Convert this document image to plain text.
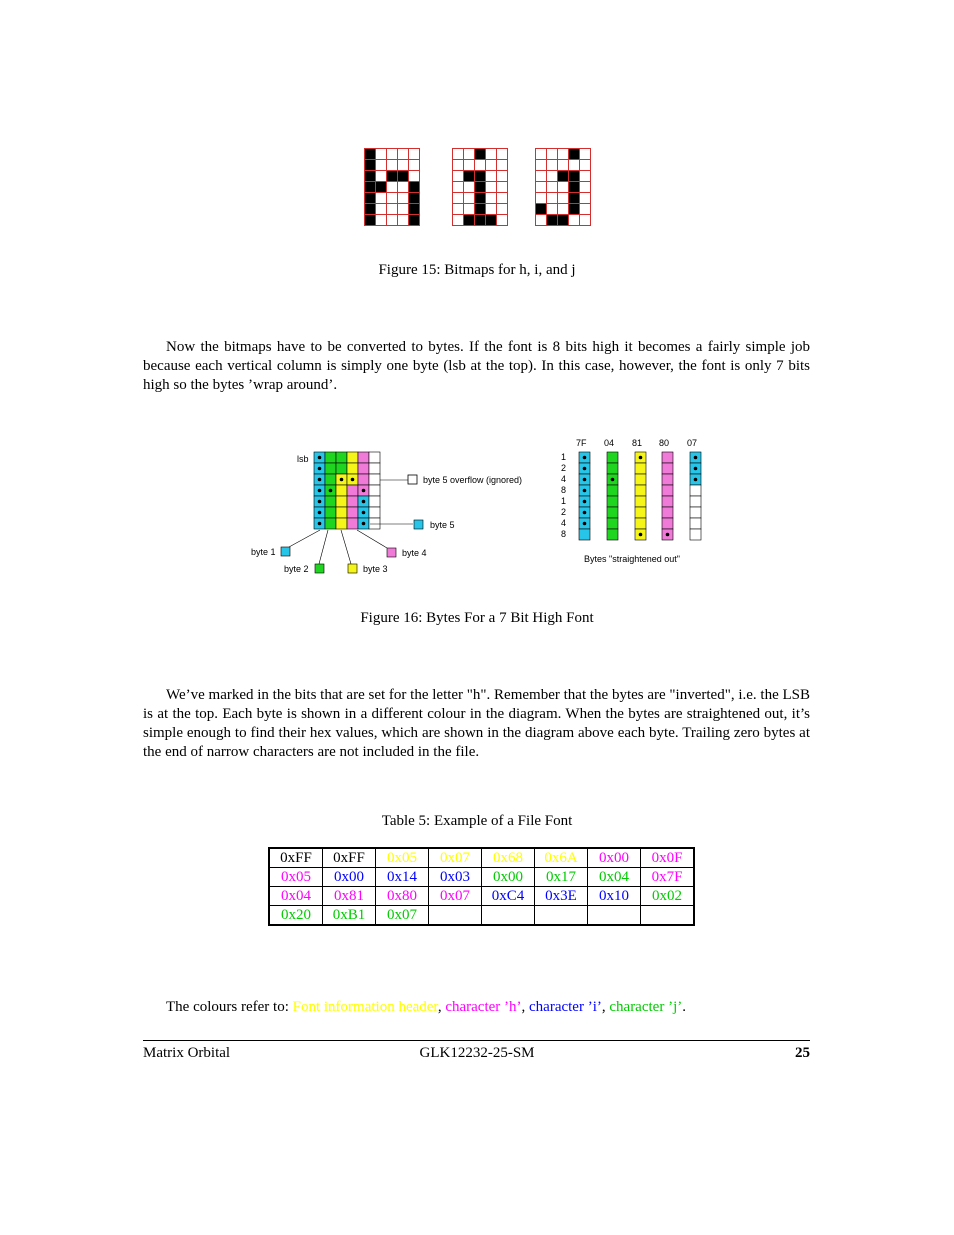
Figure 15: Bitmaps for h, i, and j
Now the bitmaps have to be converted to bytes. If the font is 8 bits high it becomes a fairly simple job because each vertical column is simply one byte (lsb at the top). In this case, however, the font is only 7 bits high so the bytes ’wrap around’.
lsb
byte 5 overflow (ignored)
byte 5
byte 1
byte 2	byte 3
byte 4
1
2
4
8
1
2
4
8
7F 04 81 80 07
Bytes "straightened out"
Figure 16: Bytes For a 7 Bit High Font
We’ve marked in the bits that are set for the letter "h". Remember that the bytes are "inverted", i.e. the LSB is at the top. Each byte is shown in a different colour in the diagram. When the bytes are straightened out, it’s simple enough to find their hex values, which are shown in the diagram above each byte. Trailing zero bytes at the end of narrow characters are not included in the file.
Table 5: Example of a File Font
0xFF	0xFF	0x05	0x07	0x68	0x6A	0x00	0x0F
0x05	0x00	0x14	0x03	0x00	0x17	0x04	0x7F
0x04	0x81	0x80	0x07	0xC4	0x3E	0x10	0x02
0x20	0xB1	0x07					
The colours refer to: Font information header, character ’h’, character ’i’, character ’j’.
Matrix Orbital	GLK12232-25-SM	25
